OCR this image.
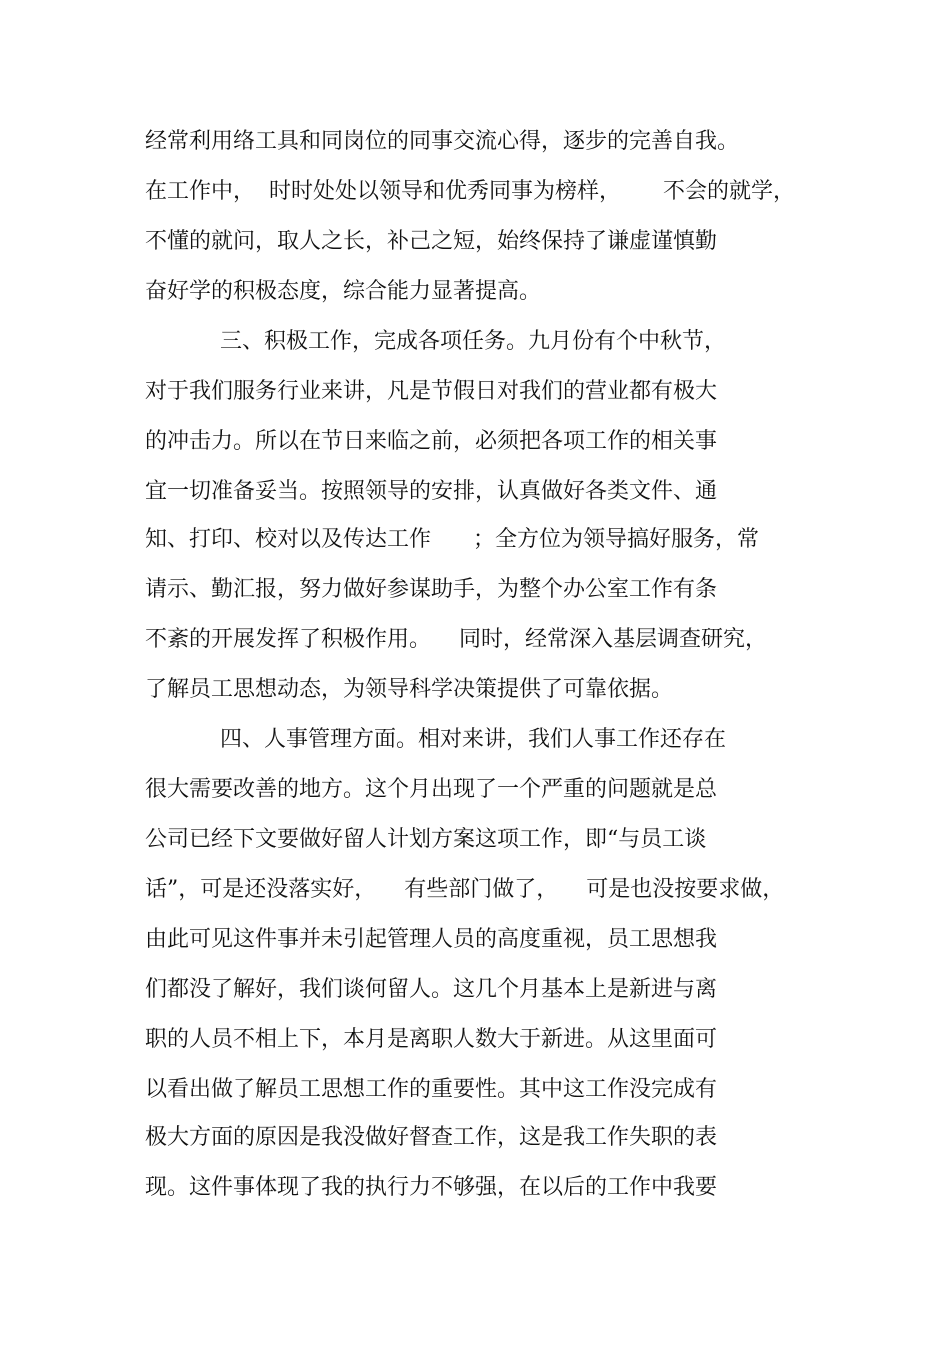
经常利用络工具和同岗位的同事交流心得，逐步的完善自我。
在工作中，  时时处处以领导和优秀同事为榜样，      不会的就学，
不懂的就问，取人之长，补己之短，始终保持了谦虚谨慎勤
奋好学的积极态度，综合能力显著提高。
三、积极工作，完成各项任务。九月份有个中秋节，
对于我们服务行业来讲，凡是节假日对我们的营业都有极大
的冲击力。所以在节日来临之前，必须把各项工作的相关事
宜一切准备妥当。按照领导的安排，认真做好各类文件、通
知、打印、校对以及传达工作      ；全方位为领导搞好服务，常
请示、勤汇报，努力做好参谋助手，为整个办公室工作有条
不紊的开展发挥了积极作用。    同时，经常深入基层调查研究，
了解员工思想动态，为领导科学决策提供了可靠依据。
四、人事管理方面。相对来讲，我们人事工作还存在
很大需要改善的地方。这个月出现了一个严重的问题就是总
公司已经下文要做好留人计划方案这项工作，即“与员工谈
话”，可是还没落实好，    有些部门做了，    可是也没按要求做，
由此可见这件事并未引起管理人员的高度重视，员工思想我
们都没了解好，我们谈何留人。这几个月基本上是新进与离
职的人员不相上下，本月是离职人数大于新进。从这里面可
以看出做了解员工思想工作的重要性。其中这工作没完成有
极大方面的原因是我没做好督查工作，这是我工作失职的表
现。这件事体现了我的执行力不够强，在以后的工作中我要
